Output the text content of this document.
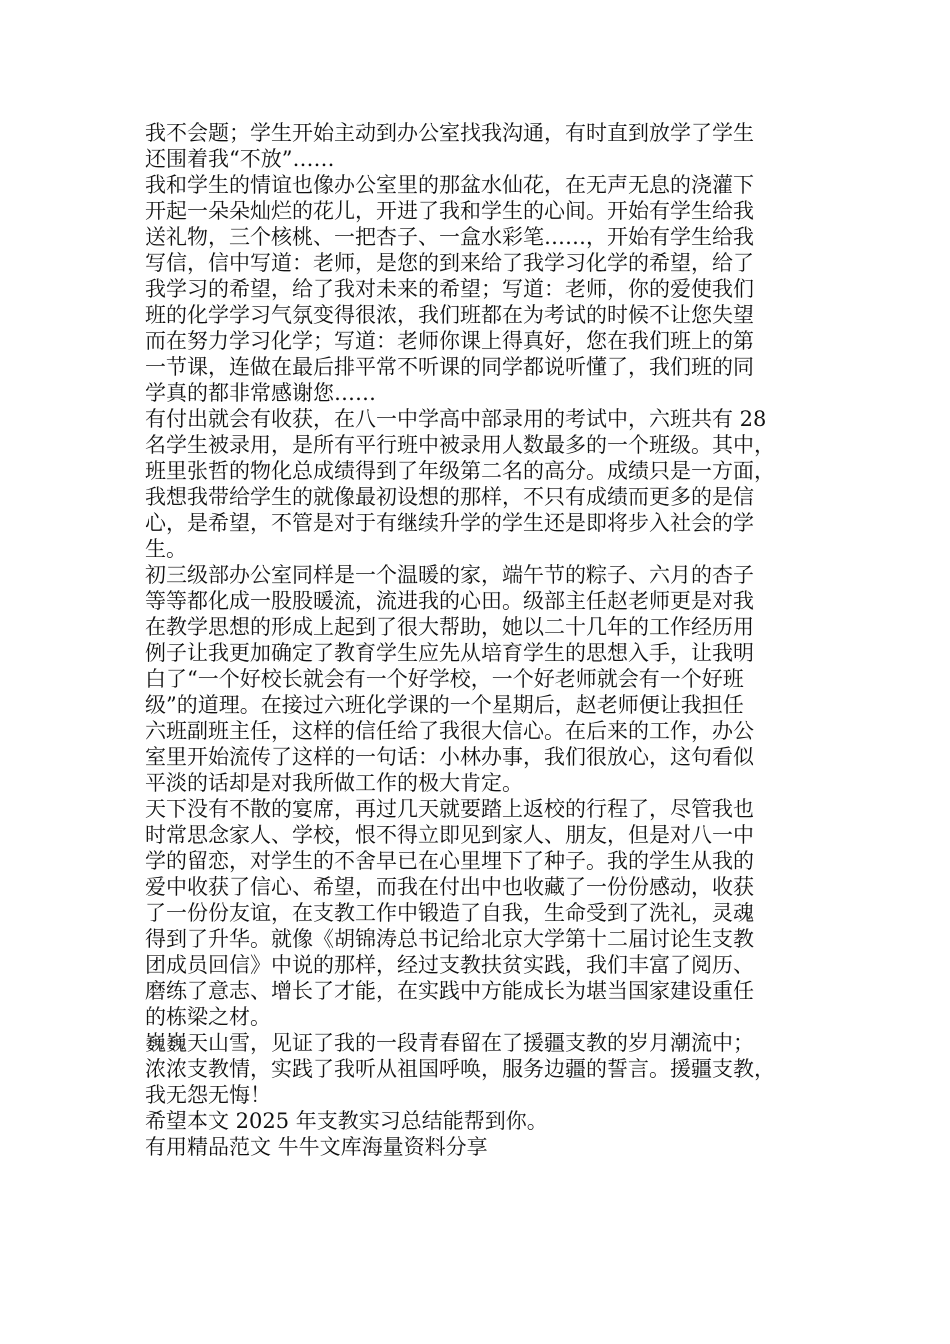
我不会题；学生开始主动到办公室找我沟通，有时直到放学了学生
还围着我“不放”……
我和学生的情谊也像办公室里的那盆水仙花，在无声无息的浇灌下
开起一朵朵灿烂的花儿，开进了我和学生的心间。开始有学生给我
送礼物，三个核桃、一把杏子、一盒水彩笔……，开始有学生给我
写信，信中写道：老师，是您的到来给了我学习化学的希望，给了
我学习的希望，给了我对未来的希望；写道：老师，你的爱使我们
班的化学学习气氛变得很浓，我们班都在为考试的时候不让您失望
而在努力学习化学；写道：老师你课上得真好，您在我们班上的第
一节课，连做在最后排平常不听课的同学都说听懂了，我们班的同
学真的都非常感谢您……
有付出就会有收获，在八一中学高中部录用的考试中，六班共有 28
名学生被录用，是所有平行班中被录用人数最多的一个班级。其中，
班里张哲的物化总成绩得到了年级第二名的高分。成绩只是一方面，
我想我带给学生的就像最初设想的那样，不只有成绩而更多的是信
心，是希望，不管是对于有继续升学的学生还是即将步入社会的学
生。
初三级部办公室同样是一个温暖的家，端午节的粽子、六月的杏子
等等都化成一股股暖流，流进我的心田。级部主任赵老师更是对我
在教学思想的形成上起到了很大帮助，她以二十几年的工作经历用
例子让我更加确定了教育学生应先从培育学生的思想入手，让我明
白了“一个好校长就会有一个好学校，一个好老师就会有一个好班
级”的道理。在接过六班化学课的一个星期后，赵老师便让我担任
六班副班主任，这样的信任给了我很大信心。在后来的工作，办公
室里开始流传了这样的一句话：小林办事，我们很放心，这句看似
平淡的话却是对我所做工作的极大肯定。
天下没有不散的宴席，再过几天就要踏上返校的行程了，尽管我也
时常思念家人、学校，恨不得立即见到家人、朋友，但是对八一中
学的留恋，对学生的不舍早已在心里埋下了种子。我的学生从我的
爱中收获了信心、希望，而我在付出中也收藏了一份份感动，收获
了一份份友谊，在支教工作中锻造了自我，生命受到了洗礼，灵魂
得到了升华。就像《胡锦涛总书记给北京大学第十二届讨论生支教
团成员回信》中说的那样，经过支教扶贫实践，我们丰富了阅历、
磨练了意志、增长了才能，在实践中方能成长为堪当国家建设重任
的栋梁之材。
巍巍天山雪，见证了我的一段青春留在了援疆支教的岁月潮流中；
浓浓支教情，实践了我听从祖国呼唤，服务边疆的誓言。援疆支教，
我无怨无悔！
希望本文 2025 年支教实习总结能帮到你。
有用精品范文 牛牛文库海量资料分享
